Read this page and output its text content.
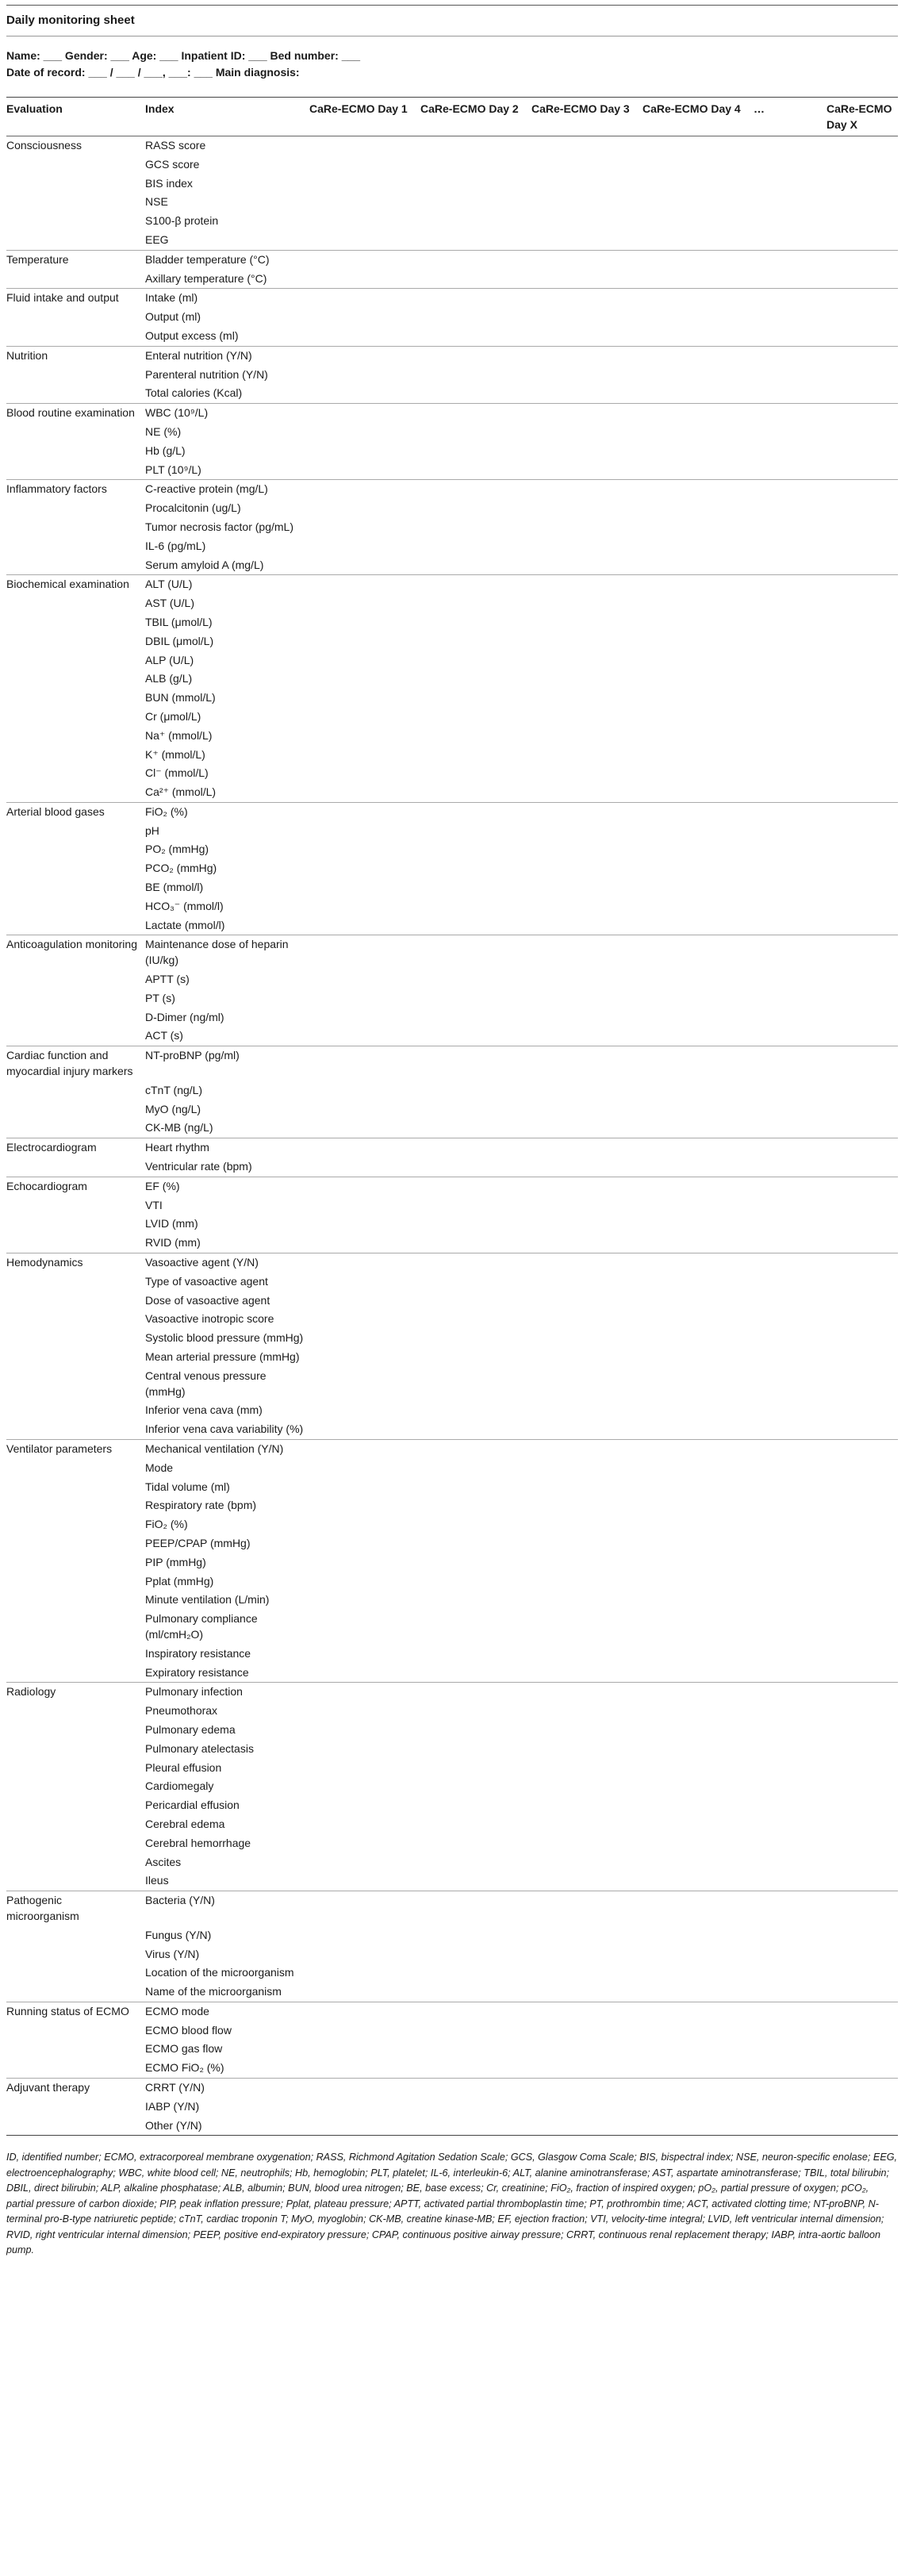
Daily monitoring sheet
Name: ___ Gender: ___ Age: ___ Inpatient ID: ___ Bed number: ___
Date of record: ___ / ___ / ___, ___: ___ Main diagnosis:
Evaluation	Index	CaRe-ECMO Day 1	CaRe-ECMO Day 2	CaRe-ECMO Day 3	CaRe-ECMO Day 4	…	CaRe-ECMO Day X
Consciousness	RASS score						
	GCS score						
	BIS index						
	NSE						
	S100-β protein						
	EEG						
Temperature	Bladder temperature (°C)						
	Axillary temperature (°C)						
Fluid intake and output	Intake (ml)						
	Output (ml)						
	Output excess (ml)						
Nutrition	Enteral nutrition (Y/N)						
	Parenteral nutrition (Y/N)						
	Total calories (Kcal)						
Blood routine examination	WBC (10⁹/L)						
	NE (%)						
	Hb (g/L)						
	PLT (10⁹/L)						
Inflammatory factors	C-reactive protein (mg/L)						
	Procalcitonin (ug/L)						
	Tumor necrosis factor (pg/mL)						
	IL-6 (pg/mL)						
	Serum amyloid A (mg/L)						
Biochemical examination	ALT (U/L)						
	AST (U/L)						
	TBIL (μmol/L)						
	DBIL (μmol/L)						
	ALP (U/L)						
	ALB (g/L)						
	BUN (mmol/L)						
	Cr (μmol/L)						
	Na⁺ (mmol/L)						
	K⁺ (mmol/L)						
	Cl⁻ (mmol/L)						
	Ca²⁺ (mmol/L)						
Arterial blood gases	FiO₂ (%)						
	pH						
	PO₂ (mmHg)						
	PCO₂ (mmHg)						
	BE (mmol/l)						
	HCO₃⁻ (mmol/l)						
	Lactate (mmol/l)						
Anticoagulation monitoring	Maintenance dose of heparin (IU/kg)						
	APTT (s)						
	PT (s)						
	D-Dimer (ng/ml)						
	ACT (s)						
Cardiac function and myocardial injury markers	NT-proBNP (pg/ml)						
	cTnT (ng/L)						
	MyO (ng/L)						
	CK-MB (ng/L)						
Electrocardiogram	Heart rhythm						
	Ventricular rate (bpm)						
Echocardiogram	EF (%)						
	VTI						
	LVID (mm)						
	RVID (mm)						
Hemodynamics	Vasoactive agent (Y/N)						
	Type of vasoactive agent						
	Dose of vasoactive agent						
	Vasoactive inotropic score						
	Systolic blood pressure (mmHg)						
	Mean arterial pressure (mmHg)						
	Central venous pressure (mmHg)						
	Inferior vena cava (mm)						
	Inferior vena cava variability (%)						
Ventilator parameters	Mechanical ventilation (Y/N)						
	Mode						
	Tidal volume (ml)						
	Respiratory rate (bpm)						
	FiO₂ (%)						
	PEEP/CPAP (mmHg)						
	PIP (mmHg)						
	Pplat (mmHg)						
	Minute ventilation (L/min)						
	Pulmonary compliance (ml/cmH₂O)						
	Inspiratory resistance						
	Expiratory resistance						
Radiology	Pulmonary infection						
	Pneumothorax						
	Pulmonary edema						
	Pulmonary atelectasis						
	Pleural effusion						
	Cardiomegaly						
	Pericardial effusion						
	Cerebral edema						
	Cerebral hemorrhage						
	Ascites						
	Ileus						
Pathogenic microorganism	Bacteria (Y/N)						
	Fungus (Y/N)						
	Virus (Y/N)						
	Location of the microorganism						
	Name of the microorganism						
Running status of ECMO	ECMO mode						
	ECMO blood flow						
	ECMO gas flow						
	ECMO FiO₂ (%)						
Adjuvant therapy	CRRT (Y/N)						
	IABP (Y/N)						
	Other (Y/N)						
ID, identified number; ECMO, extracorporeal membrane oxygenation; RASS, Richmond Agitation Sedation Scale; GCS, Glasgow Coma Scale; BIS, bispectral index; NSE, neuron-specific enolase; EEG, electroencephalography; WBC, white blood cell; NE, neutrophils; Hb, hemoglobin; PLT, platelet; IL-6, interleukin-6; ALT, alanine aminotransferase; AST, aspartate aminotransferase; TBIL, total bilirubin; DBIL, direct bilirubin; ALP, alkaline phosphatase; ALB, albumin; BUN, blood urea nitrogen; BE, base excess; Cr, creatinine; FiO₂, fraction of inspired oxygen; pO₂, partial pressure of oxygen; pCO₂, partial pressure of carbon dioxide; PIP, peak inflation pressure; Pplat, plateau pressure; APTT, activated partial thromboplastin time; PT, prothrombin time; ACT, activated clotting time; NT-proBNP, N-terminal pro-B-type natriuretic peptide; cTnT, cardiac troponin T; MyO, myoglobin; CK-MB, creatine kinase-MB; EF, ejection fraction; VTI, velocity-time integral; LVID, left ventricular internal dimension; RVID, right ventricular internal dimension; PEEP, positive end-expiratory pressure; CPAP, continuous positive airway pressure; CRRT, continuous renal replacement therapy; IABP, intra-aortic balloon pump.
